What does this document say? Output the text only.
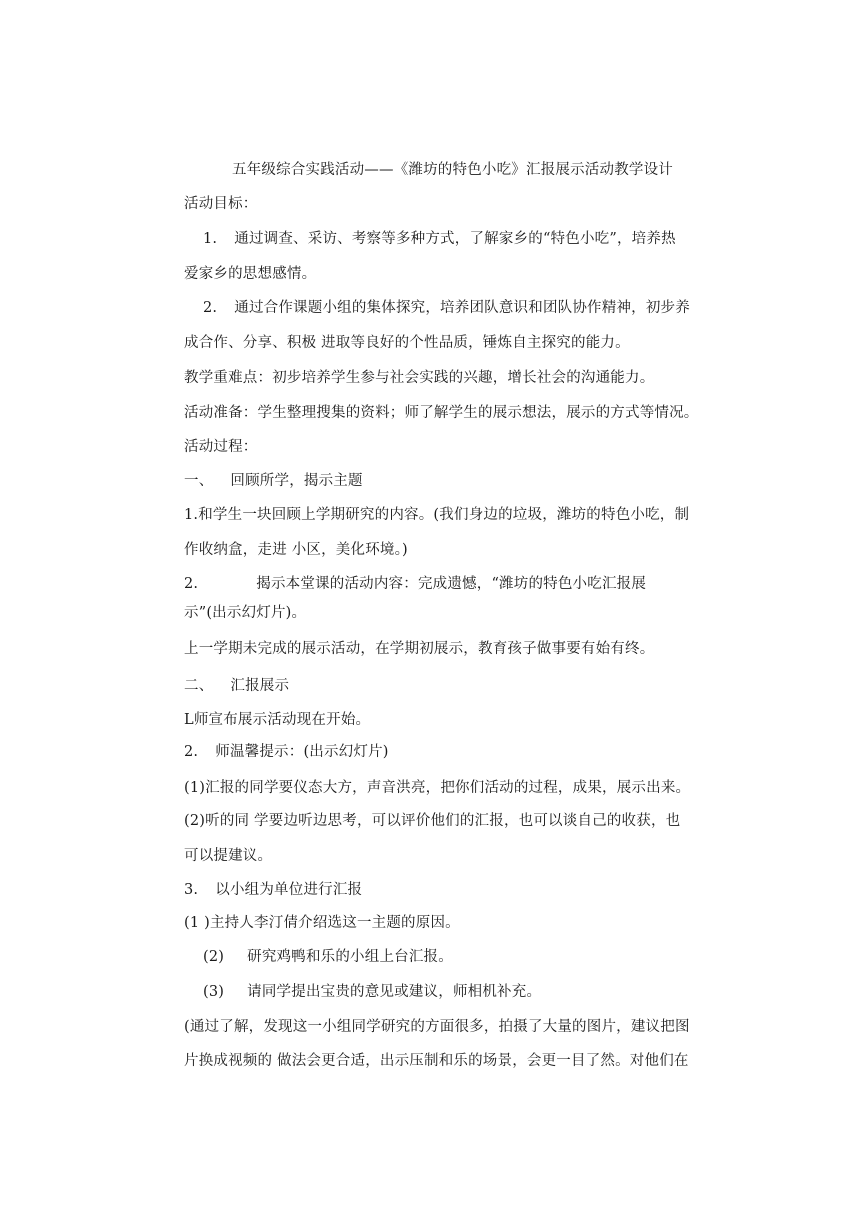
五年级综合实践活动——《潍坊的特色小吃》汇报展示活动教学设计
活动目标：
1. 通过调查、采访、考察等多种方式，了解家乡的“特色小吃”，培养热
爱家乡的思想感情。
2. 通过合作课题小组的集体探究，培养团队意识和团队协作精神，初步养
成合作、分享、积极 进取等良好的个性品质，锤炼自主探究的能力。
教学重难点：初步培养学生参与社会实践的兴趣，增长社会的沟通能力。
活动准备：学生整理搜集的资料；师了解学生的展示想法，展示的方式等情况。
活动过程：
一、 回顾所学，揭示主题
1.和学生一块回顾上学期研究的内容。(我们身边的垃圾，潍坊的特色小吃，制
作收纳盒，走进 小区，美化环境。)
2.	揭示本堂课的活动内容：完成遗憾，“潍坊的特色小吃汇报展
示”(出示幻灯片)。
上一学期未完成的展示活动，在学期初展示，教育孩子做事要有始有终。
二、 汇报展示
L师宣布展示活动现在开始。
2. 师温馨提示：(出示幻灯片)
(1)汇报的同学要仪态大方，声音洪亮，把你们活动的过程，成果，展示出来。
(2)听的同 学要边听边思考，可以评价他们的汇报，也可以谈自己的收获，也
可以提建议。
3. 以小组为单位进行汇报
(1 )主持人李汀倩介绍选这一主题的原因。
(2) 研究鸡鸭和乐的小组上台汇报。
(3) 请同学提出宝贵的意见或建议，师相机补充。
(通过了解，发现这一小组同学研究的方面很多，拍摄了大量的图片，建议把图
片换成视频的 做法会更合适，出示压制和乐的场景，会更一目了然。对他们在
